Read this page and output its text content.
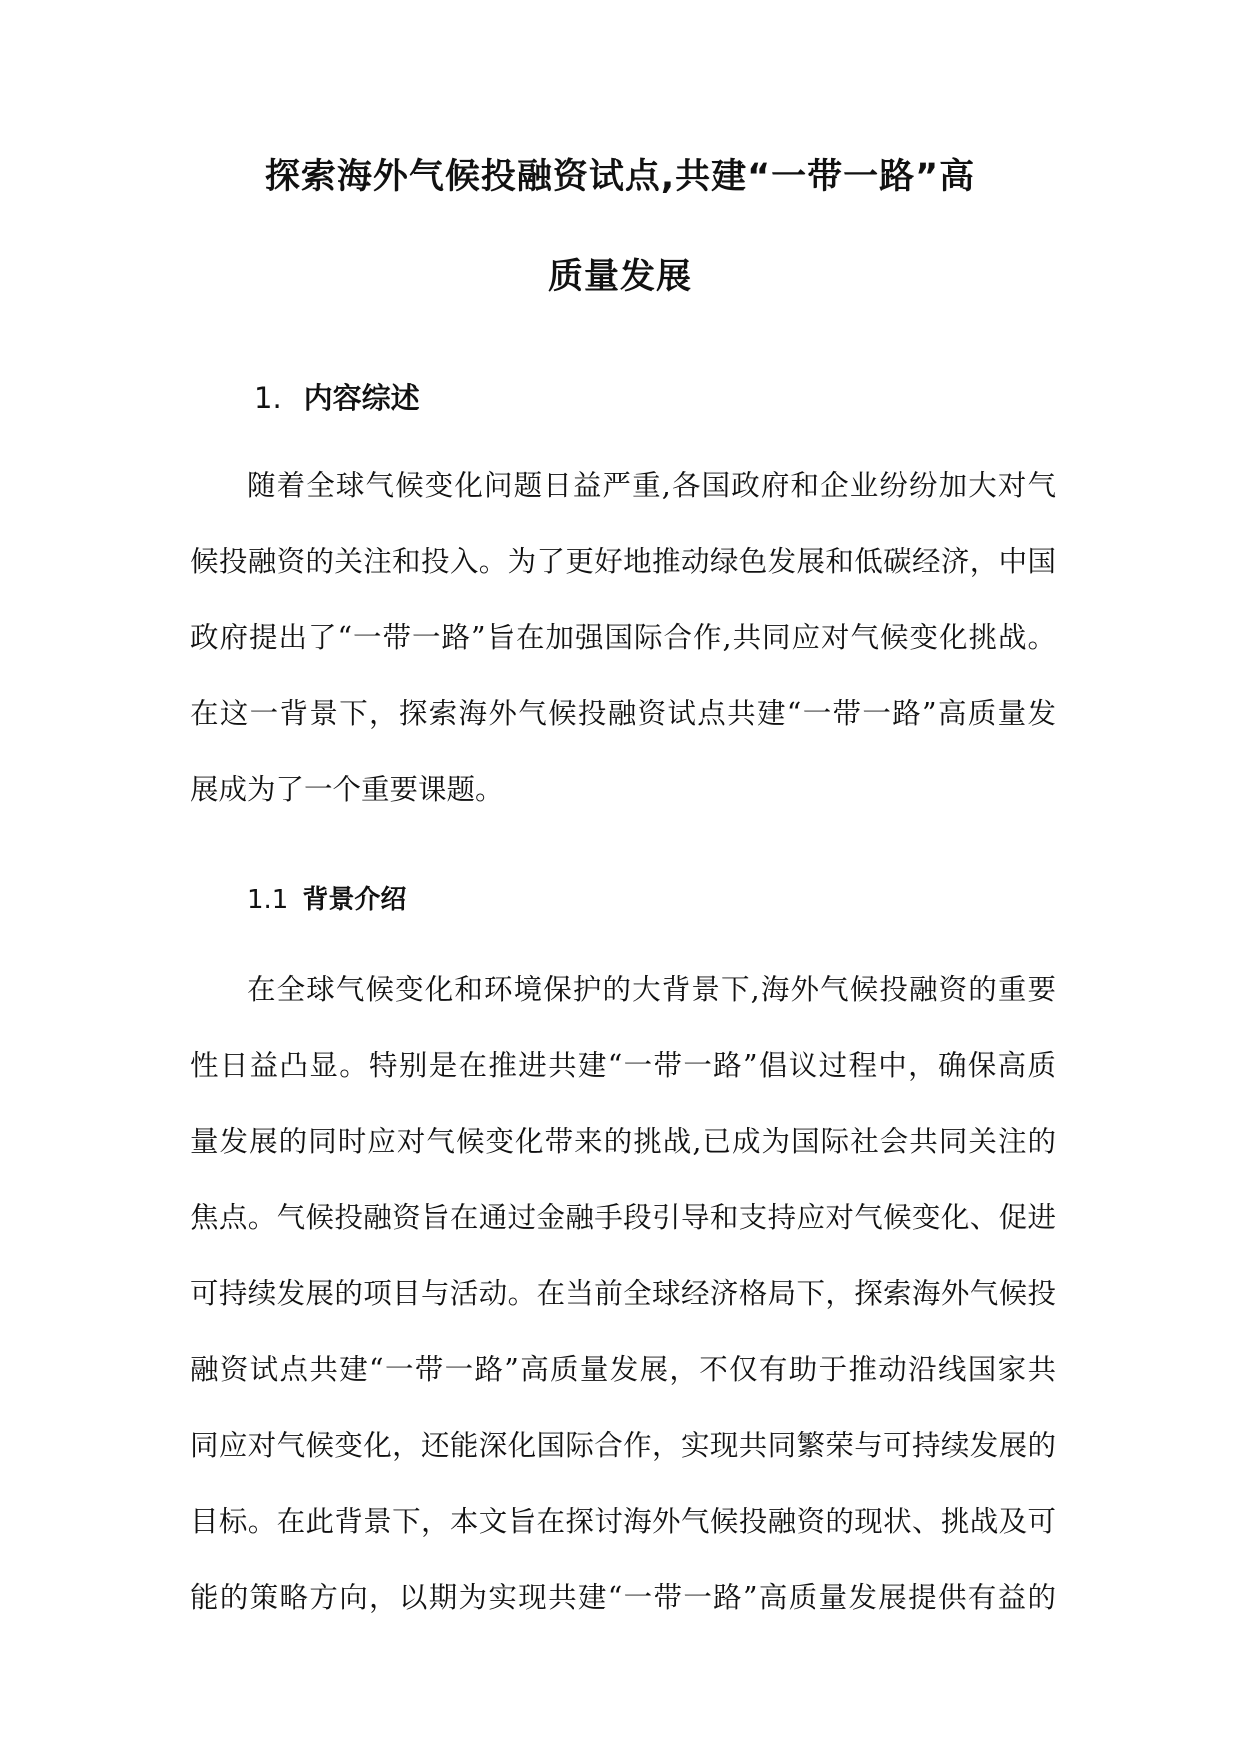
探索海外气候投融资试点,共建“一带一路”高
质量发展
1. 内容综述

随着全球气候变化问题日益严重,各国政府和企业纷纷加大对气
候投融资的关注和投入。为了更好地推动绿色发展和低碳经济，中国
政府提出了“一带一路”旨在加强国际合作,共同应对气候变化挑战。
在这一背景下，探索海外气候投融资试点共建“一带一路”高质量发
展成为了一个重要课题。

1.1 背景介绍

在全球气候变化和环境保护的大背景下,海外气候投融资的重要
性日益凸显。特别是在推进共建“一带一路”倡议过程中，确保高质
量发展的同时应对气候变化带来的挑战,已成为国际社会共同关注的
焦点。气候投融资旨在通过金融手段引导和支持应对气候变化、促进
可持续发展的项目与活动。在当前全球经济格局下，探索海外气候投
融资试点共建“一带一路”高质量发展，不仅有助于推动沿线国家共
同应对气候变化，还能深化国际合作，实现共同繁荣与可持续发展的
目标。在此背景下，本文旨在探讨海外气候投融资的现状、挑战及可
能的策略方向，以期为实现共建“一带一路”高质量发展提供有益的
